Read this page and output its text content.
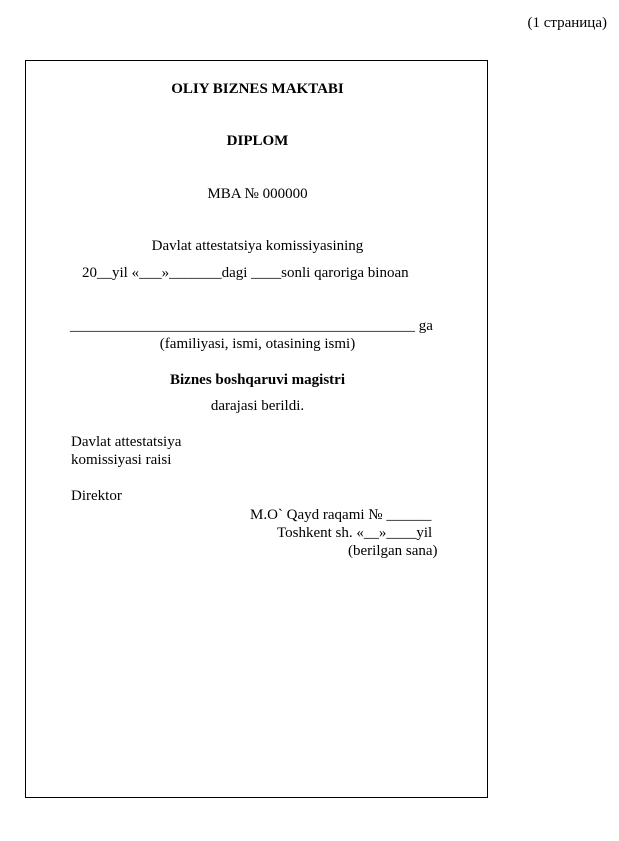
(1 страница)
OLIY BIZNES MAKTABI
DIPLOM
MBA № 000000
Davlat attestatsiya komissiyasining
20__yil «___»_______dagi ____sonli qarorigа binoan
______________________________________________ ga
(familiyasi, ismi, otasining ismi)
Biznes boshqaruvi magistri
darajasi berildi.
Davlat attestatsiya
komissiyasi raisi
Direktor
M.O` Qayd raqami № ______
Toshkent sh. «__»____yil
(berilgan sana)
